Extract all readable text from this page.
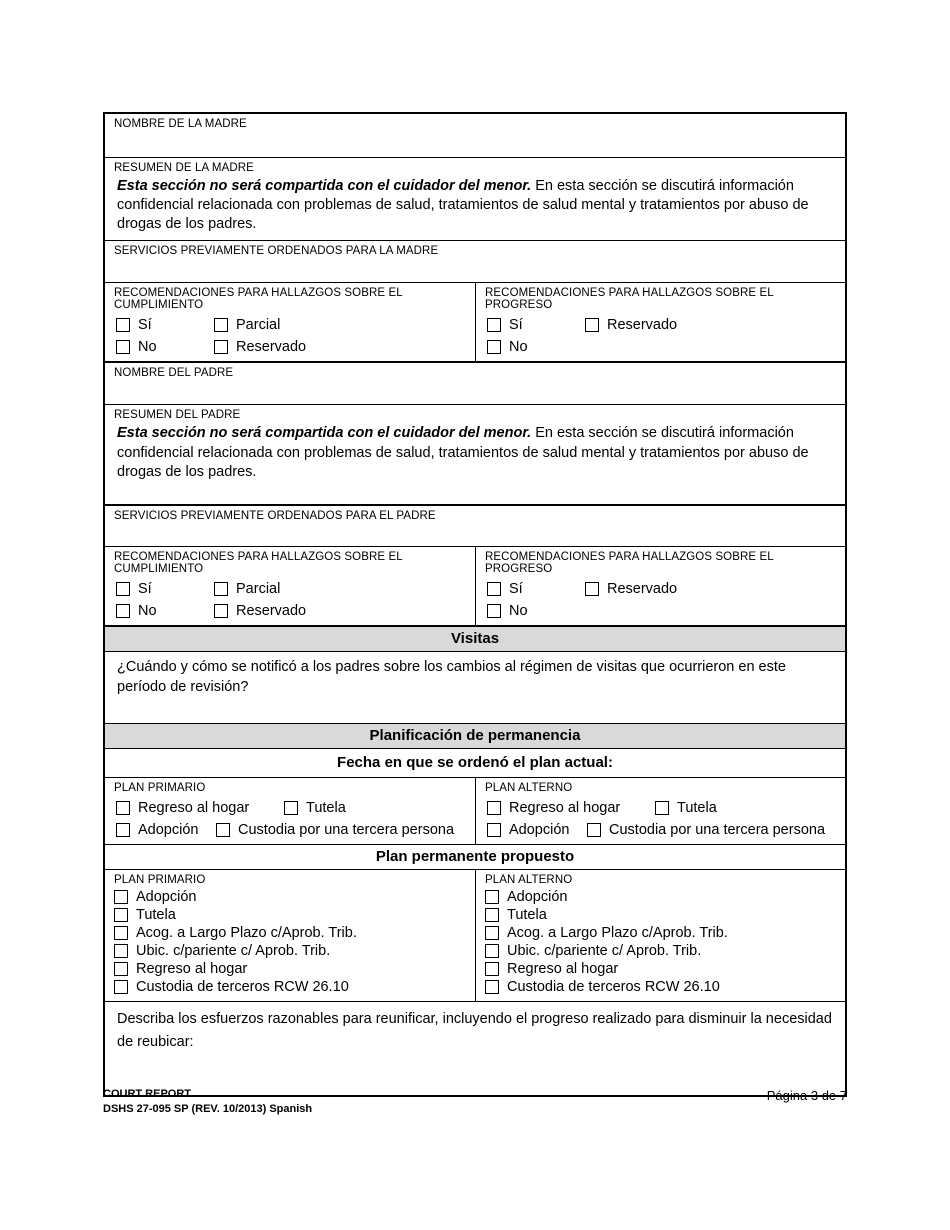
NOMBRE DE LA MADRE
RESUMEN DE LA MADRE
Esta sección no será compartida con el cuidador del menor. En esta sección se discutirá información confidencial relacionada con problemas de salud, tratamientos de salud mental y tratamientos por abuso de drogas de los padres.
SERVICIOS PREVIAMENTE ORDENADOS PARA LA MADRE
RECOMENDACIONES PARA HALLAZGOS SOBRE EL CUMPLIMIENTO
Sí	Parcial
No	Reservado
RECOMENDACIONES PARA HALLAZGOS SOBRE EL PROGRESO
Sí	Reservado
No
NOMBRE DEL PADRE
RESUMEN DEL PADRE
Esta sección no será compartida con el cuidador del menor. En esta sección se discutirá información confidencial relacionada con problemas de salud, tratamientos de salud mental y tratamientos por abuso de drogas de los padres.
SERVICIOS PREVIAMENTE ORDENADOS PARA EL PADRE
RECOMENDACIONES PARA HALLAZGOS SOBRE EL CUMPLIMIENTO
Sí	Parcial
No	Reservado
RECOMENDACIONES PARA HALLAZGOS SOBRE EL PROGRESO
Sí	Reservado
No
Visitas
¿Cuándo y cómo se notificó a los padres sobre los cambios al régimen de visitas que ocurrieron en este período de revisión?
Planificación de permanencia
Fecha en que se ordenó el plan actual:
PLAN PRIMARIO
Regreso al hogar	Tutela
Adopción	Custodia por una tercera persona
PLAN ALTERNO
Regreso al hogar	Tutela
Adopción	Custodia por una tercera persona
Plan permanente propuesto
PLAN PRIMARIO
Adopción
Tutela
Acog. a Largo Plazo c/Aprob. Trib.
Ubic. c/pariente c/ Aprob. Trib.
Regreso al hogar
Custodia de terceros RCW 26.10
PLAN ALTERNO
Adopción
Tutela
Acog. a Largo Plazo c/Aprob. Trib.
Ubic. c/pariente c/ Aprob. Trib.
Regreso al hogar
Custodia de terceros RCW 26.10
Describa los esfuerzos razonables para reunificar, incluyendo el progreso realizado para disminuir la necesidad de reubicar:
COURT REPORT
DSHS 27-095 SP (REV. 10/2013) Spanish
Página 3 de 7
